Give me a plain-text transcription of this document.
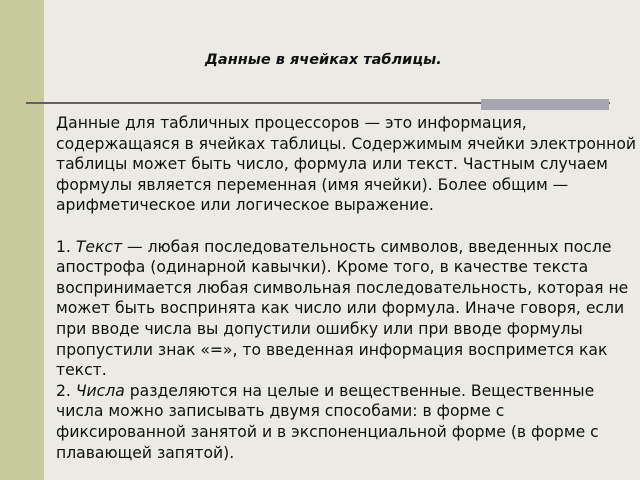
Данные в ячейках таблицы.

Данные для табличных процессоров — это информация, содержащаяся в ячейках таблицы. Содержимым ячейки электронной таблицы может быть число, формула или текст. Частным случаем формулы является переменная (имя ячейки). Более общим — арифметическое или логическое выражение.

1. Текст — любая последовательность символов, введенных после апострофа (одинарной кавычки). Кроме того, в качестве текста воспринимается любая символьная последовательность, которая не может быть воспринята как число или формула. Иначе говоря, если при вводе числа вы допустили ошибку или при вводе формулы пропустили знак «=», то введенная информация воспримется как текст.

2. Числа разделяются на целые и вещественные. Вещественные числа можно записывать двумя способами: в форме с фиксированной занятой и в экспоненциальной форме (в форме с плавающей запятой).
